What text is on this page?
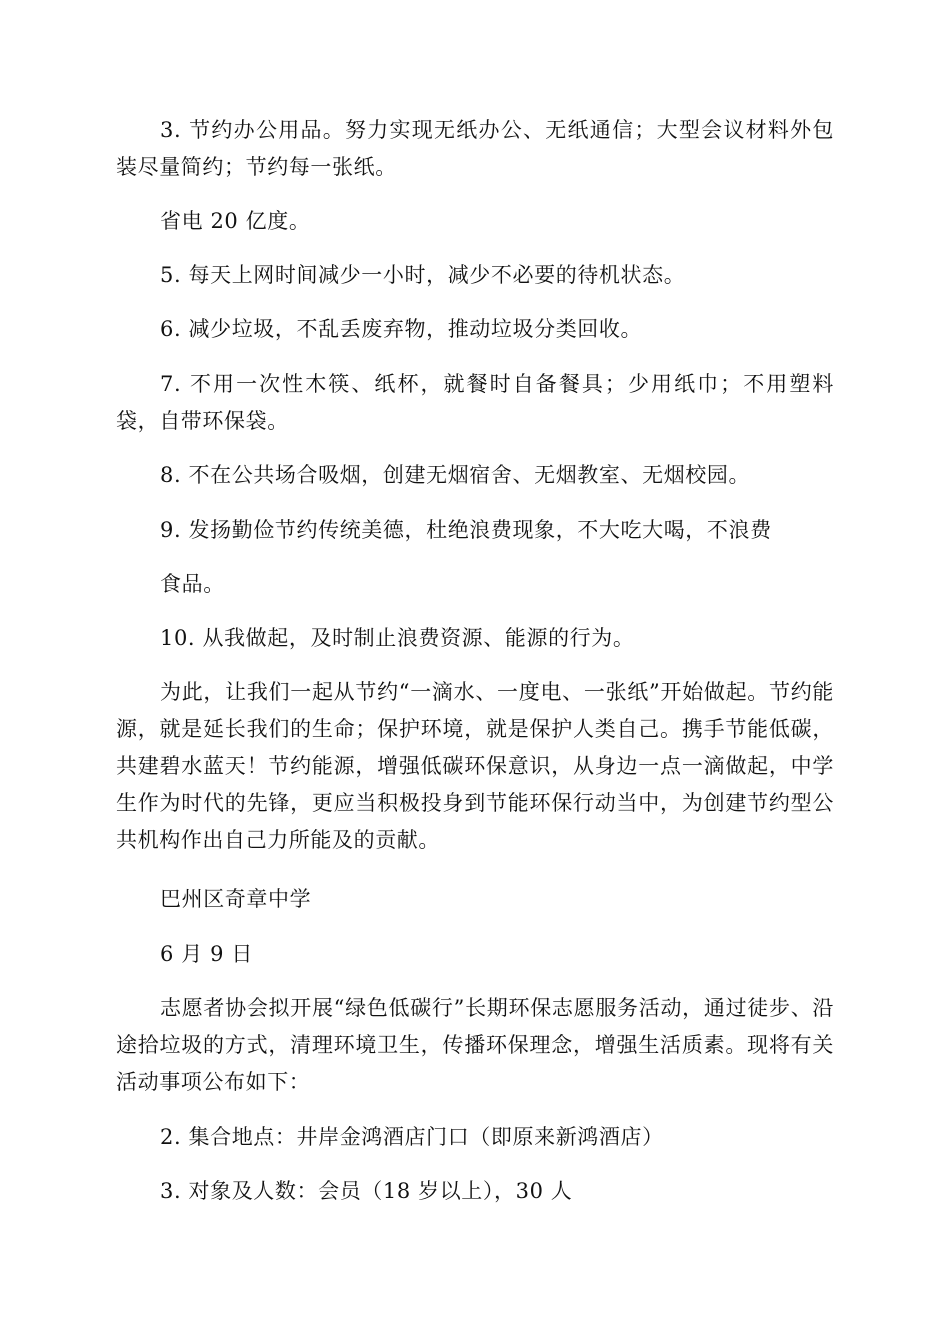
3. 节约办公用品。努力实现无纸办公、无纸通信；大型会议材料外包装尽量简约；节约每一张纸。

省电 20 亿度。

5. 每天上网时间减少一小时，减少不必要的待机状态。

6. 减少垃圾，不乱丢废弃物，推动垃圾分类回收。

7. 不用一次性木筷、纸杯，就餐时自备餐具；少用纸巾；不用塑料袋，自带环保袋。

8. 不在公共场合吸烟，创建无烟宿舍、无烟教室、无烟校园。

9. 发扬勤俭节约传统美德，杜绝浪费现象，不大吃大喝，不浪费

食品。

10. 从我做起，及时制止浪费资源、能源的行为。

为此，让我们一起从节约“一滴水、一度电、一张纸”开始做起。节约能源，就是延长我们的生命；保护环境，就是保护人类自己。携手节能低碳，共建碧水蓝天！节约能源，增强低碳环保意识，从身边一点一滴做起，中学生作为时代的先锋，更应当积极投身到节能环保行动当中，为创建节约型公共机构作出自己力所能及的贡献。

巴州区奇章中学

6 月 9 日

志愿者协会拟开展“绿色低碳行”长期环保志愿服务活动，通过徒步、沿途拾垃圾的方式，清理环境卫生，传播环保理念，增强生活质素。现将有关活动事项公布如下：

2. 集合地点：井岸金鸿酒店门口（即原来新鸿酒店）

3. 对象及人数：会员（18 岁以上），30 人
